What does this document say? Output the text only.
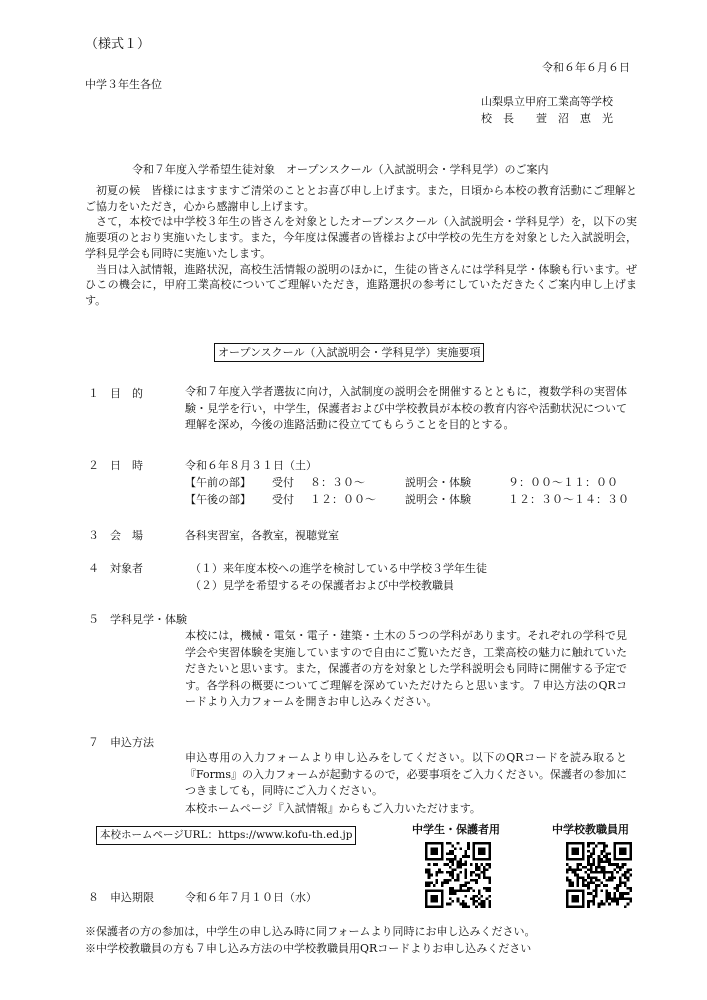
（様式１）
令和６年６月６日
中学３年生各位
山梨県立甲府工業高等学校
校　長　　萱　沼　恵　光
令和７年度入学希望生徒対象　オープンスクール（入試説明会・学科見学）のご案内

初夏の候　皆様にはますますご清栄のこととお喜び申し上げます。また，日頃から本校の教育活動にご理解とご協力をいただき，心から感謝申し上げます。

さて，本校では中学校３年生の皆さんを対象としたオープンスクール（入試説明会・学科見学）を，以下の実施要項のとおり実施いたします。また，今年度は保護者の皆様および中学校の先生方を対象とした入試説明会，学科見学会も同時に実施いたします。

当日は入試情報，進路状況，高校生活情報の説明のほかに，生徒の皆さんには学科見学・体験も行います。ぜひこの機会に，甲府工業高校についてご理解いただき，進路選択の参考にしていただきたくご案内申し上げます。

オープンスクール（入試説明会・学科見学）実施要項
１ 目　的	令和７年度入学者選抜に向け，入試制度の説明会を開催するとともに，複数学科の実習体験・見学を行い，中学生，保護者および中学校教員が本校の教育内容や活動状況について理解を深め，今後の進路活動に役立ててもらうことを目的とする。
２ 日　時	令和６年８月３１日（土）
【午前の部】 受付 ８：３０〜	説明会・体験	９：００〜１１：００
【午後の部】 受付 １２：００〜	説明会・体験	１２：３０〜１４：３０
３ 会　場	各科実習室，各教室，視聴覚室
４ 対象者	（１）来年度本校への進学を検討している中学校３学年生徒
（２）見学を希望するその保護者および中学校教職員
５ 学科見学・体験
本校には，機械・電気・電子・建築・土木の５つの学科があります。それぞれの学科で見学会や実習体験を実施していますので自由にご覧いただき，工業高校の魅力に触れていただきたいと思います。また，保護者の方を対象とした学科説明会も同時に開催する予定です。各学科の概要についてご理解を深めていただけたらと思います。７申込方法のQRコードより入力フォームを開きお申し込みください。
７ 申込方法
申込専用の入力フォームより申し込みをしてください。以下のQRコードを読み取ると『Forms』の入力フォームが起動するので，必要事項をご入力ください。保護者の参加につきましても，同時にご入力ください。
本校ホームページ『入試情報』からもご入力いただけます。
本校ホームページURL：https://www.kofu-th.ed.jp	中学生・保護者用	中学校教職員用
８ 申込期限	令和６年７月１０日（水）
※保護者の方の参加は，中学生の申し込み時に同フォームより同時にお申し込みください。
※中学校教職員の方も７申し込み方法の中学校教職員用QRコードよりお申し込みください
